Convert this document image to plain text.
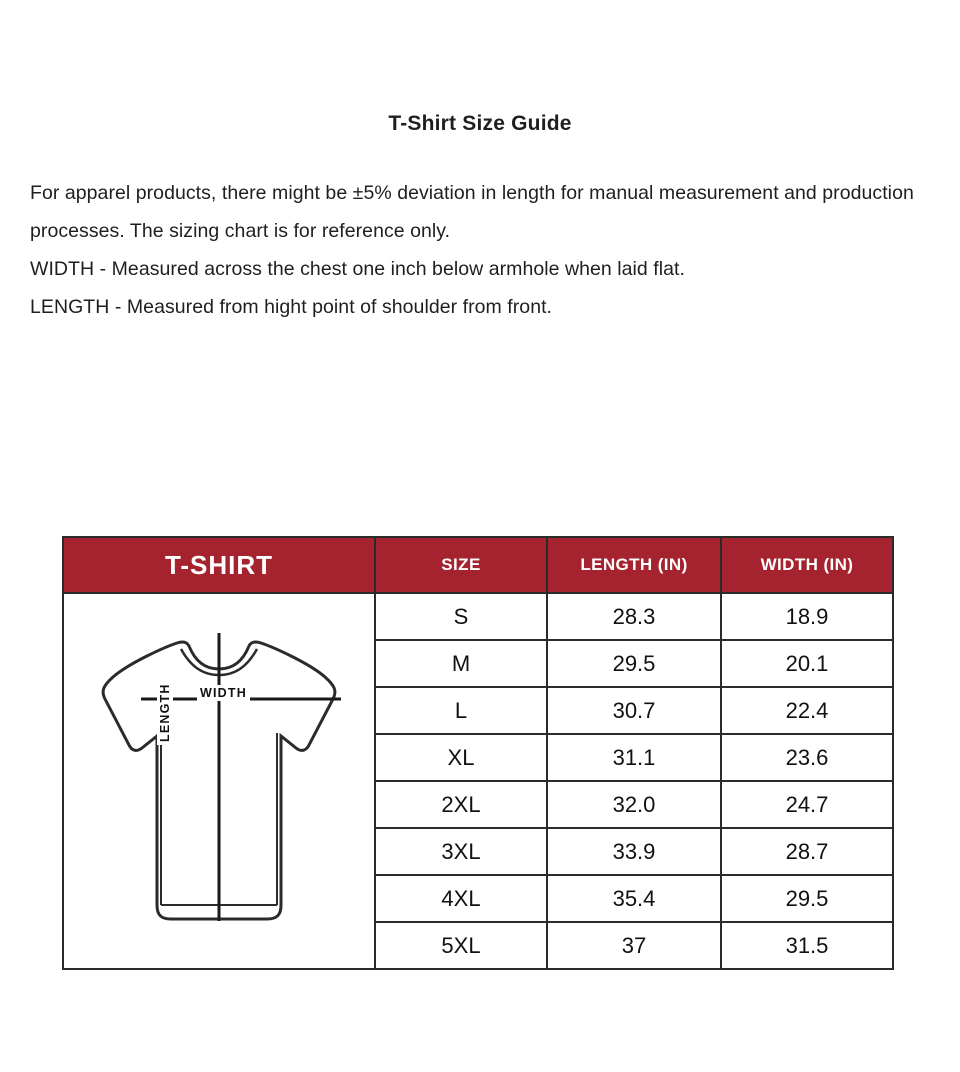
T-Shirt Size Guide

For apparel products, there might be ±5% deviation in length for manual measurement and production processes. The sizing chart is for reference only.

WIDTH - Measured across the chest one inch below armhole when laid flat.

LENGTH - Measured from hight point of shoulder from front.

T-SHIRT	SIZE	LENGTH (IN)	WIDTH (IN)

WIDTH
LENGTH	S	28.3	18.9
	M	29.5	20.1
	L	30.7	22.4
	XL	31.1	23.6
	2XL	32.0	24.7
	3XL	33.9	28.7
	4XL	35.4	29.5
	5XL	37	31.5
